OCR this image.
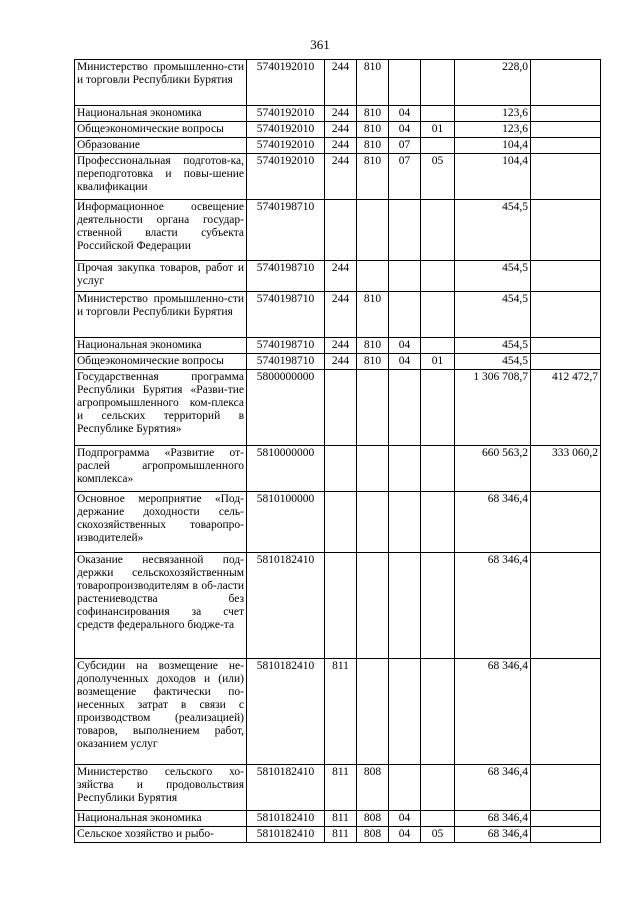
361
Министерство промышленно-сти и торговли Республики Бурятия	5740192010	244	810			228,0	
Национальная экономика	5740192010	244	810	04		123,6	
Общеэкономические вопросы	5740192010	244	810	04	01	123,6	
Образование	5740192010	244	810	07		104,4	
Профессиональная подготов-ка, переподготовка и повы-шение квалификации	5740192010	244	810	07	05	104,4	
Информационное освещение деятельности органа государ-ственной власти субъекта Российской Федерации	5740198710					454,5	
Прочая закупка товаров, работ и услуг	5740198710	244				454,5	
Министерство промышленно-сти и торговли Республики Бурятия	5740198710	244	810			454,5	
Национальная экономика	5740198710	244	810	04		454,5	
Общеэкономические вопросы	5740198710	244	810	04	01	454,5	
Государственная программа Республики Бурятия «Разви-тие агропромышленного ком-плекса и сельских территорий в Республике Бурятия»	5800000000					1 306 708,7	412 472,7
Подпрограмма «Развитие от-раслей агропромышленного комплекса»	5810000000					660 563,2	333 060,2
Основное мероприятие «Под-держание доходности сель-скохозяйственных товаропро-изводителей»	5810100000					68 346,4	
Оказание несвязанной под-держки сельскохозяйственным товаропроизводителям в об-ласти растениеводства без софинансирования за счет средств федерального бюдже-та	5810182410					68 346,4	
Субсидии на возмещение не-дополученных доходов и (или) возмещение фактически по-несенных затрат в связи с производством (реализацией) товаров, выполнением работ, оказанием услуг	5810182410	811				68 346,4	
Министерство сельского хо-зяйства и продовольствия Республики Бурятия	5810182410	811	808			68 346,4	
Национальная экономика	5810182410	811	808	04		68 346,4	
Сельское хозяйство и рыбо-	5810182410	811	808	04	05	68 346,4	
